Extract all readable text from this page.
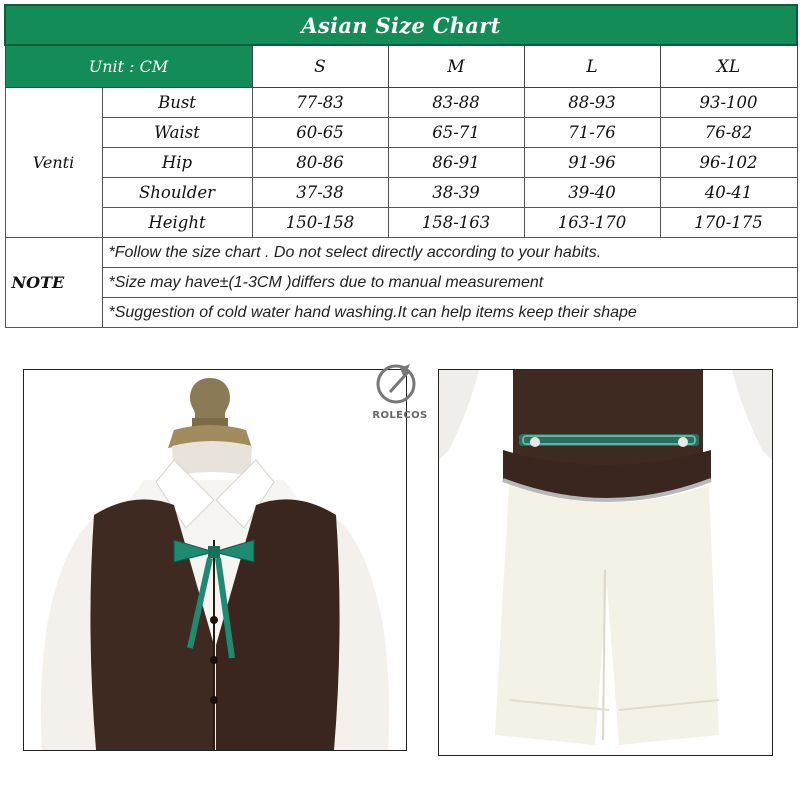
Asian Size Chart					
Unit : CM		S	M	L	XL
Venti	Bust	77-83	83-88	88-93	93-100
	Waist	60-65	65-71	71-76	76-82
	Hip	80-86	86-91	91-96	96-102
	Shoulder	37-38	38-39	39-40	40-41
	Height	150-158	158-163	163-170	170-175
NOTE	*Follow the size chart . Do not select directly according to your habits.				
	*Size may have±(1-3CM )differs due to manual measurement				
	*Suggestion of cold water hand washing.It can help items keep their shape				
ROLECOS
